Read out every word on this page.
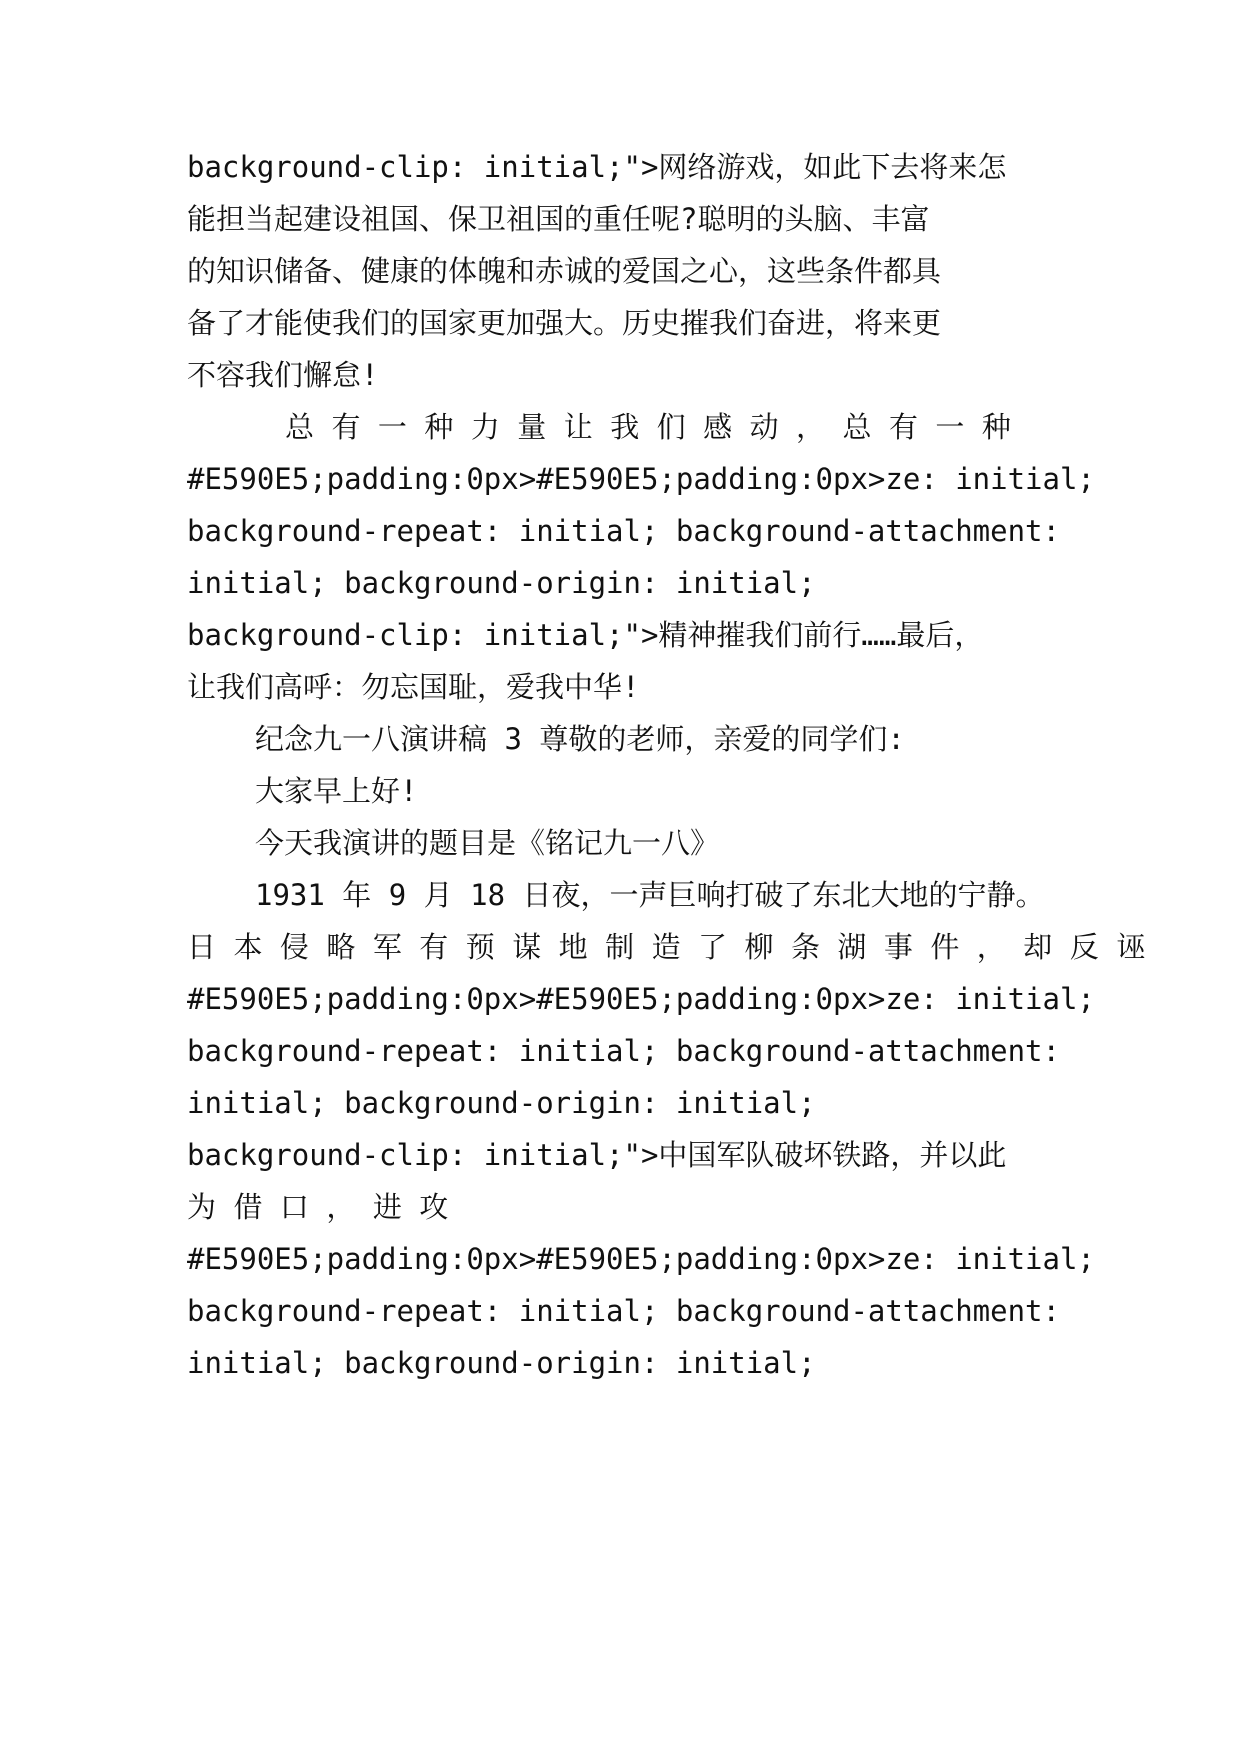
background-clip: initial;">网络游戏，如此下去将来怎
能担当起建设祖国、保卫祖国的重任呢?聪明的头脑、丰富
的知识储备、健康的体魄和赤诚的爱国之心，这些条件都具
备了才能使我们的国家更加强大。历史摧我们奋进，将来更
不容我们懈怠!
总 有 一 种 力 量 让 我 们 感 动 ， 总 有 一 种
#E590E5;padding:0px>#E590E5;padding:0px>ze: initial;
background-repeat: initial; background-attachment:
initial; background-origin: initial;
background-clip: initial;">精神摧我们前行……最后，
让我们高呼：勿忘国耻，爱我中华!
纪念九一八演讲稿 3 尊敬的老师，亲爱的同学们:
大家早上好!
今天我演讲的题目是《铭记九一八》
1931 年 9 月 18 日夜，一声巨响打破了东北大地的宁静。
日 本 侵 略 军 有 预 谋 地 制 造 了 柳 条 湖 事 件 ， 却 反 诬
#E590E5;padding:0px>#E590E5;padding:0px>ze: initial;
background-repeat: initial; background-attachment:
initial; background-origin: initial;
background-clip: initial;">中国军队破坏铁路，并以此
为 借 口 ， 进 攻
#E590E5;padding:0px>#E590E5;padding:0px>ze: initial;
background-repeat: initial; background-attachment:
initial; background-origin: initial;
